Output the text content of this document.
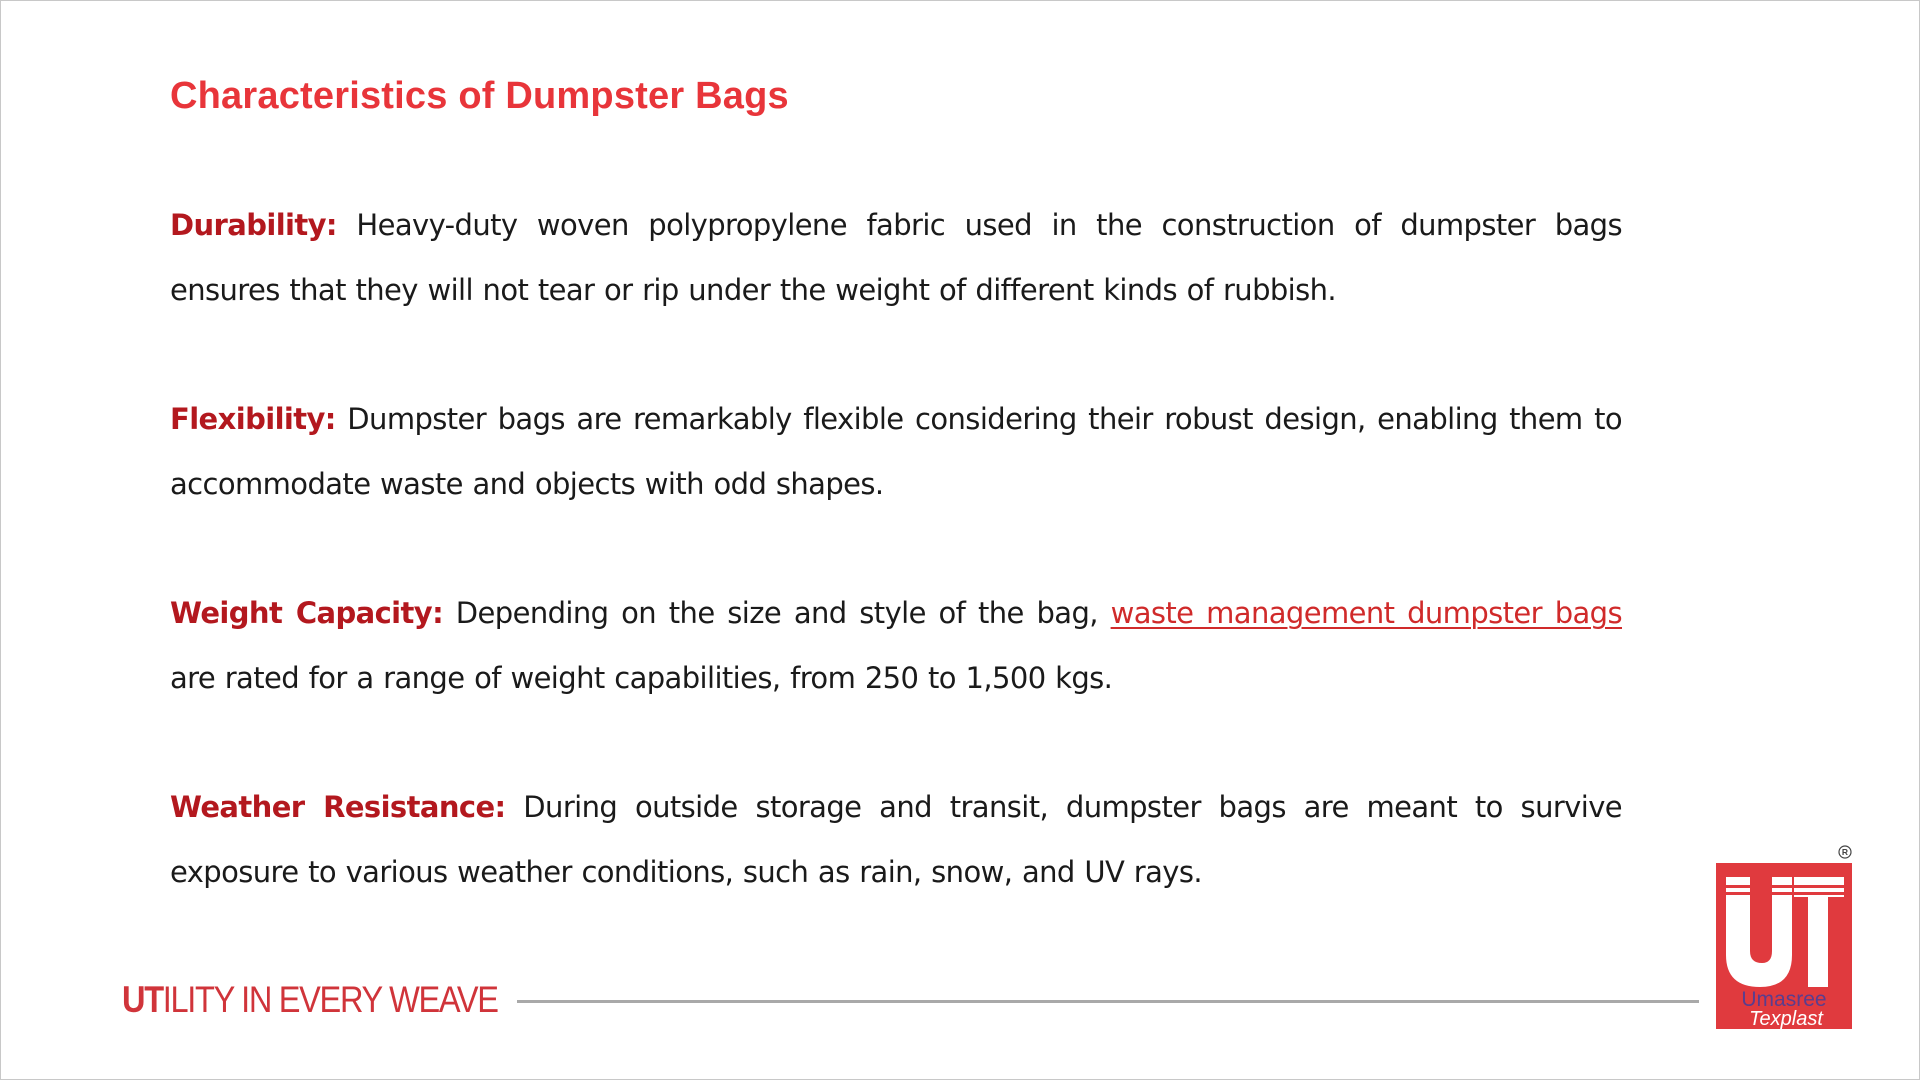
Characteristics of Dumpster Bags

Durability: Heavy-duty woven polypropylene fabric used in the construction of dumpster bags ensures that they will not tear or rip under the weight of different kinds of rubbish.

Flexibility: Dumpster bags are remarkably flexible considering their robust design, enabling them to accommodate waste and objects with odd shapes.

Weight Capacity: Depending on the size and style of the bag, waste management dumpster bags are rated for a range of weight capabilities, from 250 to 1,500 kgs.

Weather Resistance: During outside storage and transit, dumpster bags are meant to survive exposure to various weather conditions, such as rain, snow, and UV rays.

UTILITY IN EVERY WEAVE
R
Umasree
Texplast
